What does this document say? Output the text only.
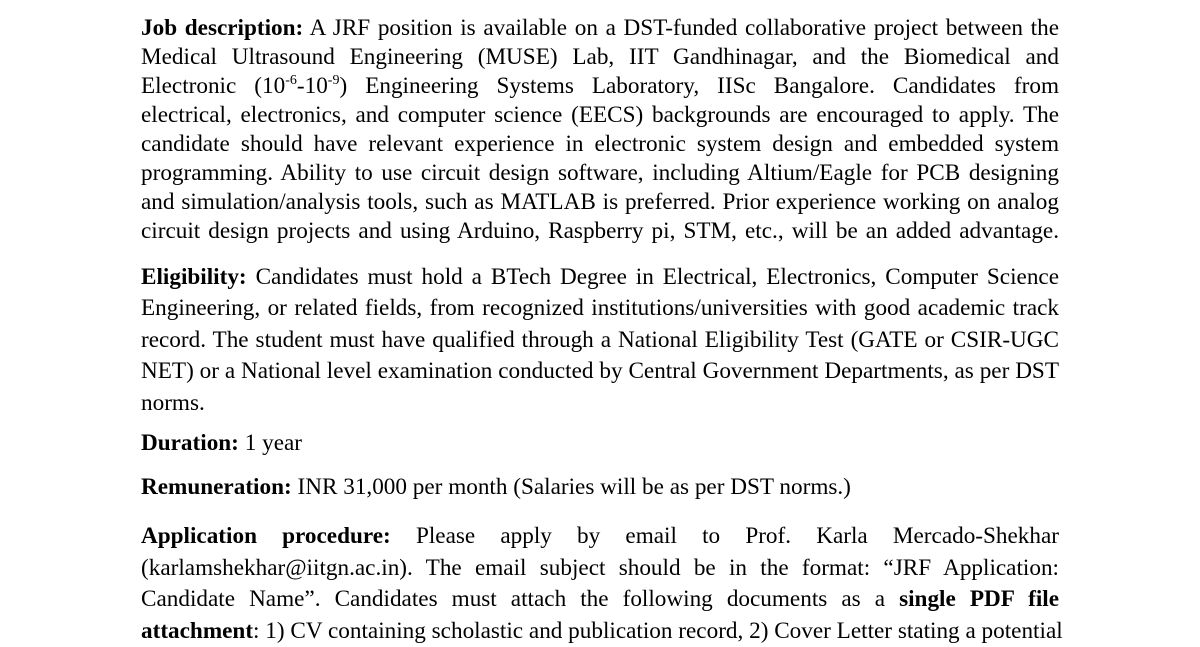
Job description: A JRF position is available on a DST-funded collaborative project between the
Medical Ultrasound Engineering (MUSE) Lab, IIT Gandhinagar, and the Biomedical and
Electronic $(10^{-6}-10^{-9})$ Engineering Systems Laboratory, IISc Bangalore. Candidates from
electrical, electronics, and computer science (EECS) backgrounds are encouraged to apply. The
candidate should have relevant experience in electronic system design and embedded system
programming. Ability to use circuit design software, including Altium/Eagle for PCB designing
and simulation/analysis tools, such as MATLAB is preferred. Prior experience working on analog
circuit design projects and using Arduino, Raspberry pi, STM, etc., will be an added advantage.
Eligibility: Candidates must hold a BTech Degree in Electrical, Electronics, Computer Science
Engineering, or related fields, from recognized institutions/universities with good academic track
record. The student must have qualified through a National Eligibility Test (GATE or CSIR-UGC
NET) or a National level examination conducted by Central Government Departments, as per DST
norms.
Duration: 1 year
Remuneration: INR 31,000 per month (Salaries will be as per DST norms.)
Application procedure: Please apply by email to Prof. Karla Mercado-Shekhar
(karlamshekhar@iitgn.ac.in). The email subject should be in the format: “JRF Application:
Candidate Name”. Candidates must attach the following documents as a single PDF file
attachment: 1) CV containing scholastic and publication record, 2) Cover Letter stating a potential
